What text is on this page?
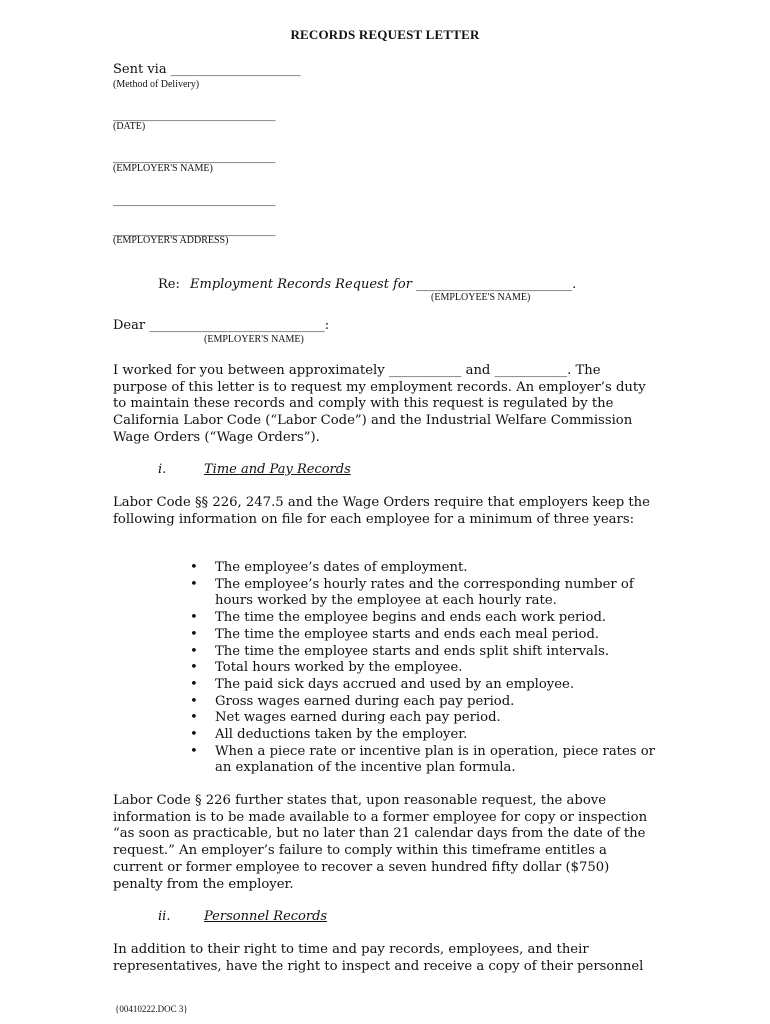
RECORDS REQUEST LETTER
Sent via ____________________
(Method of Delivery)
_________________________
(DATE)
_________________________
(EMPLOYER'S NAME)
_________________________
_________________________
(EMPLOYER'S ADDRESS)
Re: Employment Records Request for ________________________.
(EMPLOYEE'S NAME)
Dear ___________________________:
(EMPLOYER'S NAME)
I worked for you between approximately ___________ and ___________. The purpose of this letter is to request my employment records. An employer’s duty to maintain these records and comply with this request is regulated by the California Labor Code (“Labor Code”) and the Industrial Welfare Commission Wage Orders (“Wage Orders”).
i.	Time and Pay Records
Labor Code §§ 226, 247.5 and the Wage Orders require that employers keep the following information on file for each employee for a minimum of three years:
• The employee’s dates of employment.
• The employee’s hourly rates and the corresponding number of hours worked by the employee at each hourly rate.
• The time the employee begins and ends each work period.
• The time the employee starts and ends each meal period.
• The time the employee starts and ends split shift intervals.
• Total hours worked by the employee.
• The paid sick days accrued and used by an employee.
• Gross wages earned during each pay period.
• Net wages earned during each pay period.
• All deductions taken by the employer.
• When a piece rate or incentive plan is in operation, piece rates or an explanation of the incentive plan formula.
Labor Code § 226 further states that, upon reasonable request, the above information is to be made available to a former employee for copy or inspection “as soon as practicable, but no later than 21 calendar days from the date of the request.” An employer’s failure to comply within this timeframe entitles a current or former employee to recover a seven hundred fifty dollar ($750) penalty from the employer.
ii.	Personnel Records
In addition to their right to time and pay records, employees, and their representatives, have the right to inspect and receive a copy of their personnel
{00410222.DOC 3}
